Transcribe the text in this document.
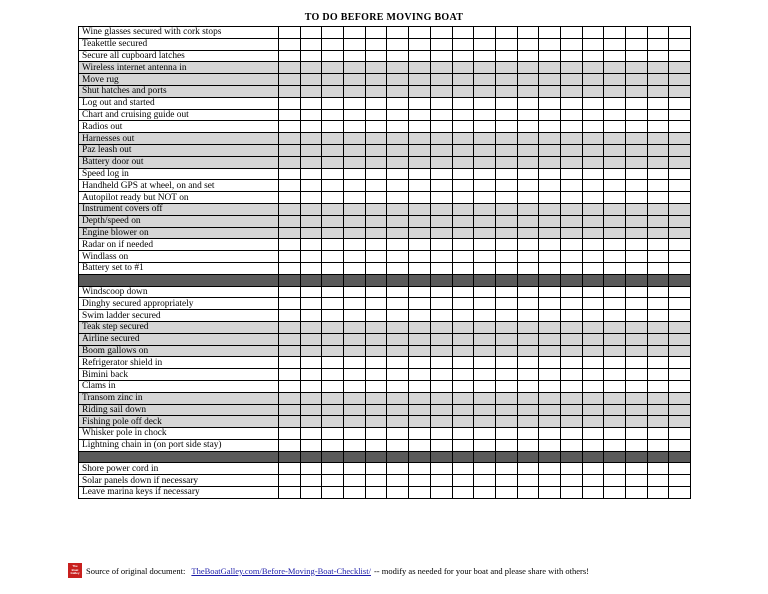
TO DO BEFORE MOVING BOAT
Wine glasses secured with cork stops																			
Teakettle secured																			
Secure all cupboard latches																			
Wireless internet antenna in																			
Move rug																			
Shut hatches and ports																			
Log out and started																			
Chart and cruising guide out																			
Radios out																			
Harnesses out																			
Paz leash out																			
Battery door out																			
Speed log in																			
Handheld GPS at wheel, on and set																			
Autopilot ready but NOT on																			
Instrument covers off																			
Depth/speed on																			
Engine blower on																			
Radar on if needed																			
Windlass on																			
Battery set to #1																			

Windscoop down																			
Dinghy secured appropriately																			
Swim ladder secured																			
Teak step secured																			
Airline secured																			
Boom gallows on																			
Refrigerator shield in																			
Bimini back																			
Clams in																			
Transom zinc in																			
Riding sail down																			
Fishing pole off deck																			
Whisker pole in chock																			
Lightning chain in (on port side stay)																			

Shore power cord in																			
Solar panels down if necessary																			
Leave marina keys if necessary																			
The
Boat
Galley Source of original document: TheBoatGalley.com/Before-Moving-Boat-Checklist/ -- modify as needed for your boat and please share with others!
